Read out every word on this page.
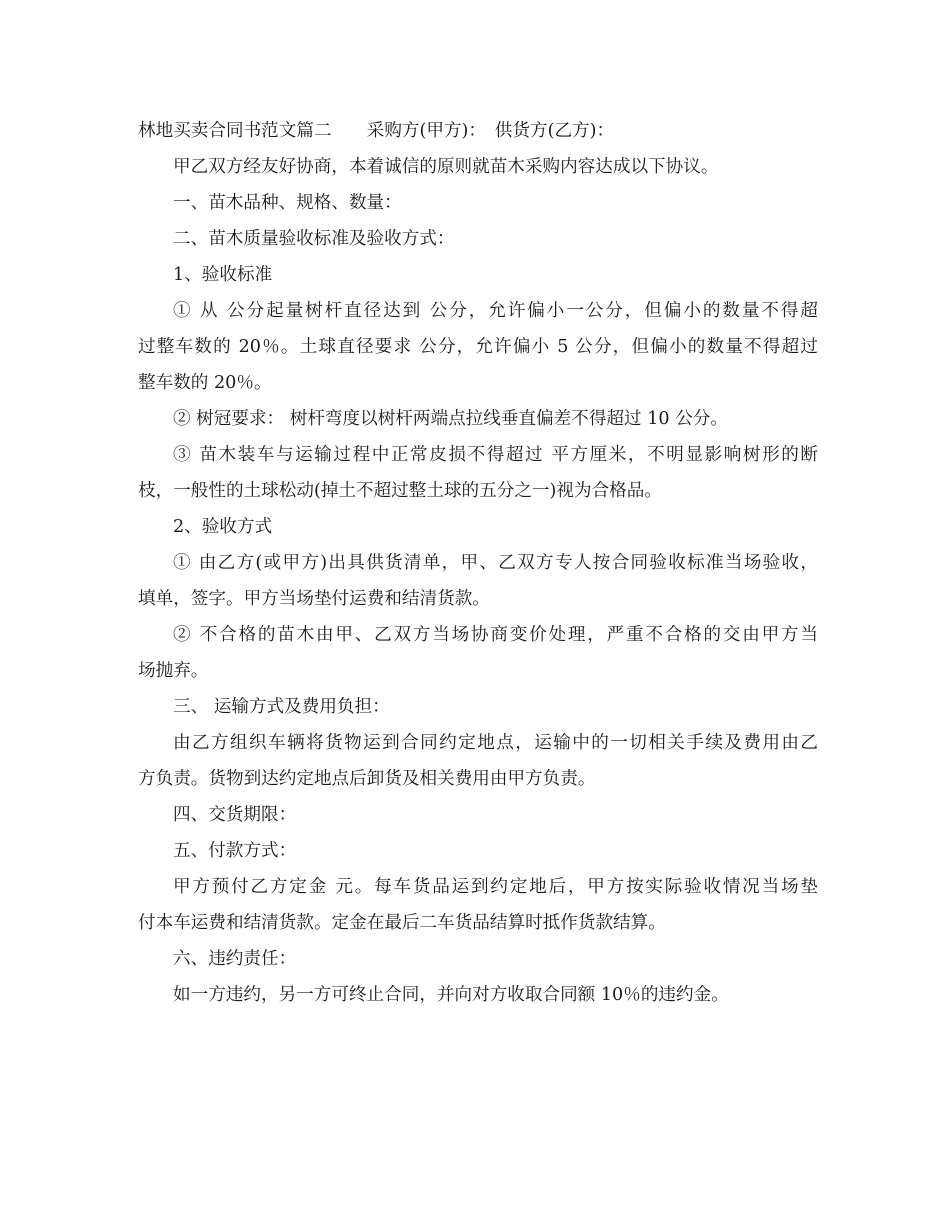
林地买卖合同书范文篇二　　采购方(甲方)：　供货方(乙方)：
甲乙双方经友好协商，本着诚信的原则就苗木采购内容达成以下协议。
一、苗木品种、规格、数量：
二、苗木质量验收标准及验收方式：
1、验收标准
① 从 公分起量树杆直径达到 公分，允许偏小一公分，但偏小的数量不得超
过整车数的 20％。土球直径要求 公分，允许偏小 5 公分，但偏小的数量不得超过
整车数的 20％。
② 树冠要求： 树杆弯度以树杆两端点拉线垂直偏差不得超过 10 公分。
③ 苗木装车与运输过程中正常皮损不得超过 平方厘米，不明显影响树形的断
枝，一般性的土球松动(掉土不超过整土球的五分之一)视为合格品。
2、验收方式
① 由乙方(或甲方)出具供货清单，甲、乙双方专人按合同验收标准当场验收，
填单，签字。甲方当场垫付运费和结清货款。
② 不合格的苗木由甲、乙双方当场协商变价处理，严重不合格的交由甲方当
场抛弃。
三、 运输方式及费用负担：
由乙方组织车辆将货物运到合同约定地点，运输中的一切相关手续及费用由乙
方负责。货物到达约定地点后卸货及相关费用由甲方负责。
四、交货期限：
五、付款方式：
甲方预付乙方定金 元。每车货品运到约定地后，甲方按实际验收情况当场垫
付本车运费和结清货款。定金在最后二车货品结算时抵作货款结算。
六、违约责任：
如一方违约，另一方可终止合同，并向对方收取合同额 10％的违约金。
